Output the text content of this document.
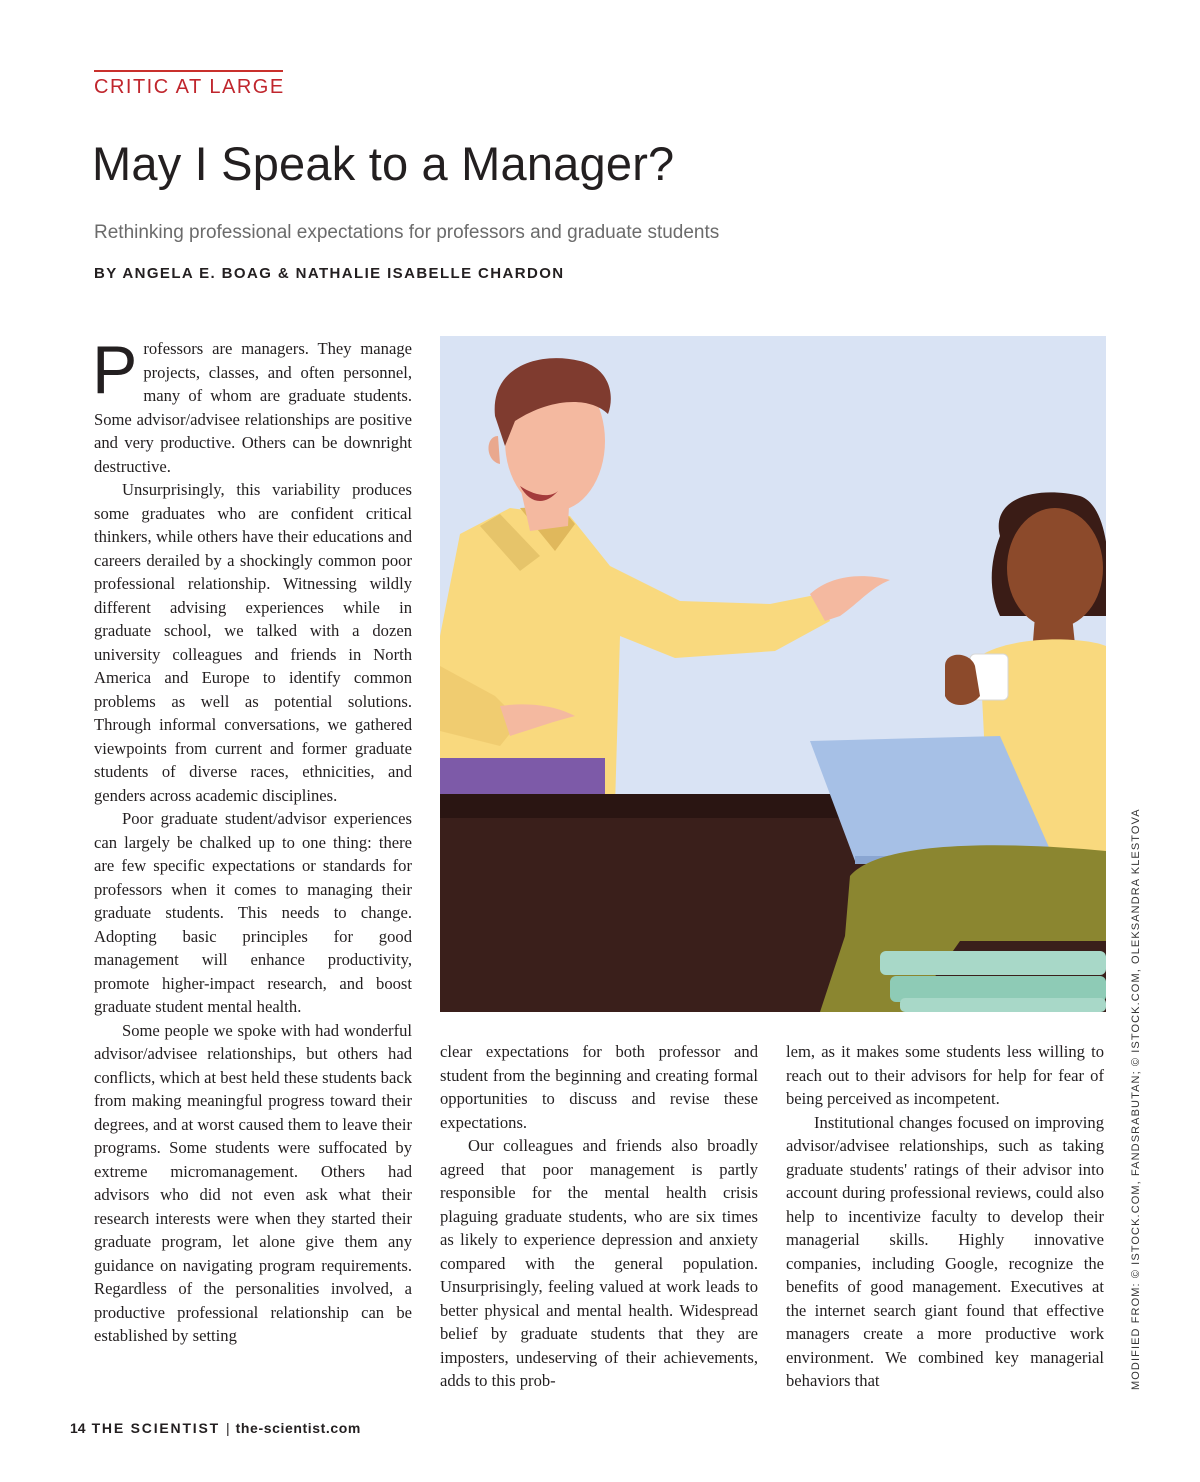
CRITIC AT LARGE
May I Speak to a Manager?
Rethinking professional expectations for professors and graduate students
BY ANGELA E. BOAG & NATHALIE ISABELLE CHARDON

Professors are managers. They manage projects, classes, and often personnel, many of whom are graduate students. Some advisor/advisee relationships are positive and very productive. Others can be downright destructive.

Unsurprisingly, this variability produces some graduates who are confident critical thinkers, while others have their educations and careers derailed by a shockingly common poor professional relationship. Witnessing wildly different advising experiences while in graduate school, we talked with a dozen university colleagues and friends in North America and Europe to identify common problems as well as potential solutions. Through informal conversations, we gathered viewpoints from current and former graduate students of diverse races, ethnicities, and genders across academic disciplines.

Poor graduate student/advisor experiences can largely be chalked up to one thing: there are few specific expectations or standards for professors when it comes to managing their graduate students. This needs to change. Adopting basic principles for good management will enhance productivity, promote higher-impact research, and boost graduate student mental health.

Some people we spoke with had wonderful advisor/advisee relationships, but others had conflicts, which at best held these students back from making meaningful progress toward their degrees, and at worst caused them to leave their programs. Some students were suffocated by extreme micromanagement. Others had advisors who did not even ask what their research interests were when they started their graduate program, let alone give them any guidance on navigating program requirements. Regardless of the personalities involved, a productive professional relationship can be established by setting

clear expectations for both professor and student from the beginning and creating formal opportunities to discuss and revise these expectations.

Our colleagues and friends also broadly agreed that poor management is partly responsible for the mental health crisis plaguing graduate students, who are six times as likely to experience depression and anxiety compared with the general population. Unsurprisingly, feeling valued at work leads to better physical and mental health. Widespread belief by graduate students that they are imposters, undeserving of their achievements, adds to this prob-

lem, as it makes some students less willing to reach out to their advisors for help for fear of being perceived as incompetent.

Institutional changes focused on improving advisor/advisee relationships, such as taking graduate students' ratings of their advisor into account during professional reviews, could also help to incentivize faculty to develop their managerial skills. Highly innovative companies, including Google, recognize the benefits of good management. Executives at the internet search giant found that effective managers create a more productive work environment. We combined key managerial behaviors that	MODIFIED FROM: © ISTOCK.COM, FANDSRABUTAN; © ISTOCK.COM, OLEKSANDRA KLESTOVA
14 THE SCIENTIST | the-scientist.com
